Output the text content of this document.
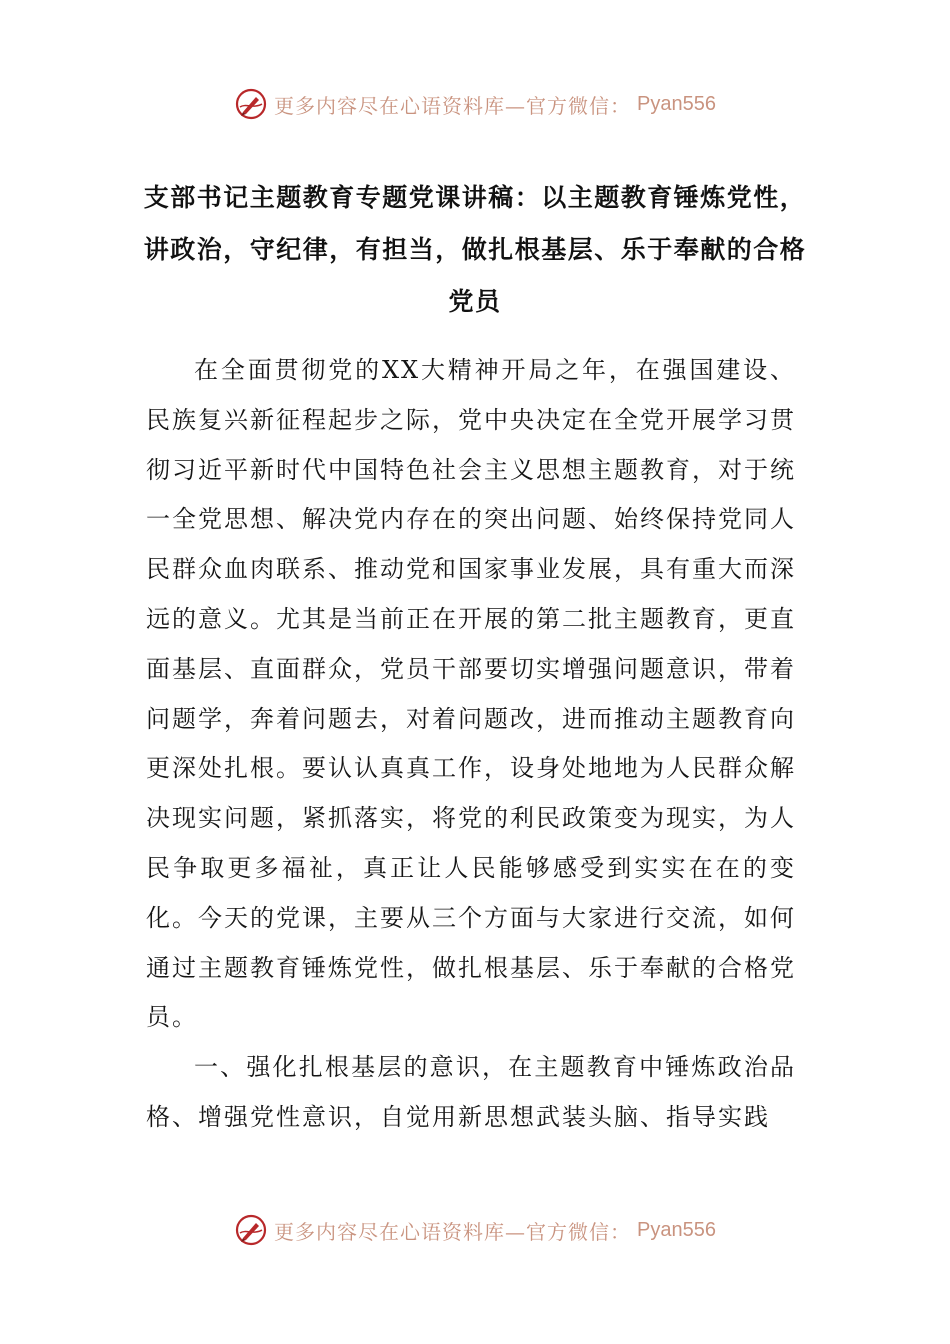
更多内容尽在心语资料库—官方微信： Pyan556
支部书记主题教育专题党课讲稿：以主题教育锤炼党性，讲政治，守纪律，有担当，做扎根基层、乐于奉献的合格党员

在全面贯彻党的XX大精神开局之年，在强国建设、民族复兴新征程起步之际，党中央决定在全党开展学习贯彻习近平新时代中国特色社会主义思想主题教育，对于统一全党思想、解决党内存在的突出问题、始终保持党同人民群众血肉联系、推动党和国家事业发展，具有重大而深远的意义。尤其是当前正在开展的第二批主题教育，更直面基层、直面群众，党员干部要切实增强问题意识，带着问题学，奔着问题去，对着问题改，进而推动主题教育向更深处扎根。要认认真真工作，设身处地地为人民群众解决现实问题，紧抓落实，将党的利民政策变为现实，为人民争取更多福祉，真正让人民能够感受到实实在在的变化。今天的党课，主要从三个方面与大家进行交流，如何通过主题教育锤炼党性，做扎根基层、乐于奉献的合格党员。

一、强化扎根基层的意识，在主题教育中锤炼政治品格、增强党性意识，自觉用新思想武装头脑、指导实践

更多内容尽在心语资料库—官方微信： Pyan556
